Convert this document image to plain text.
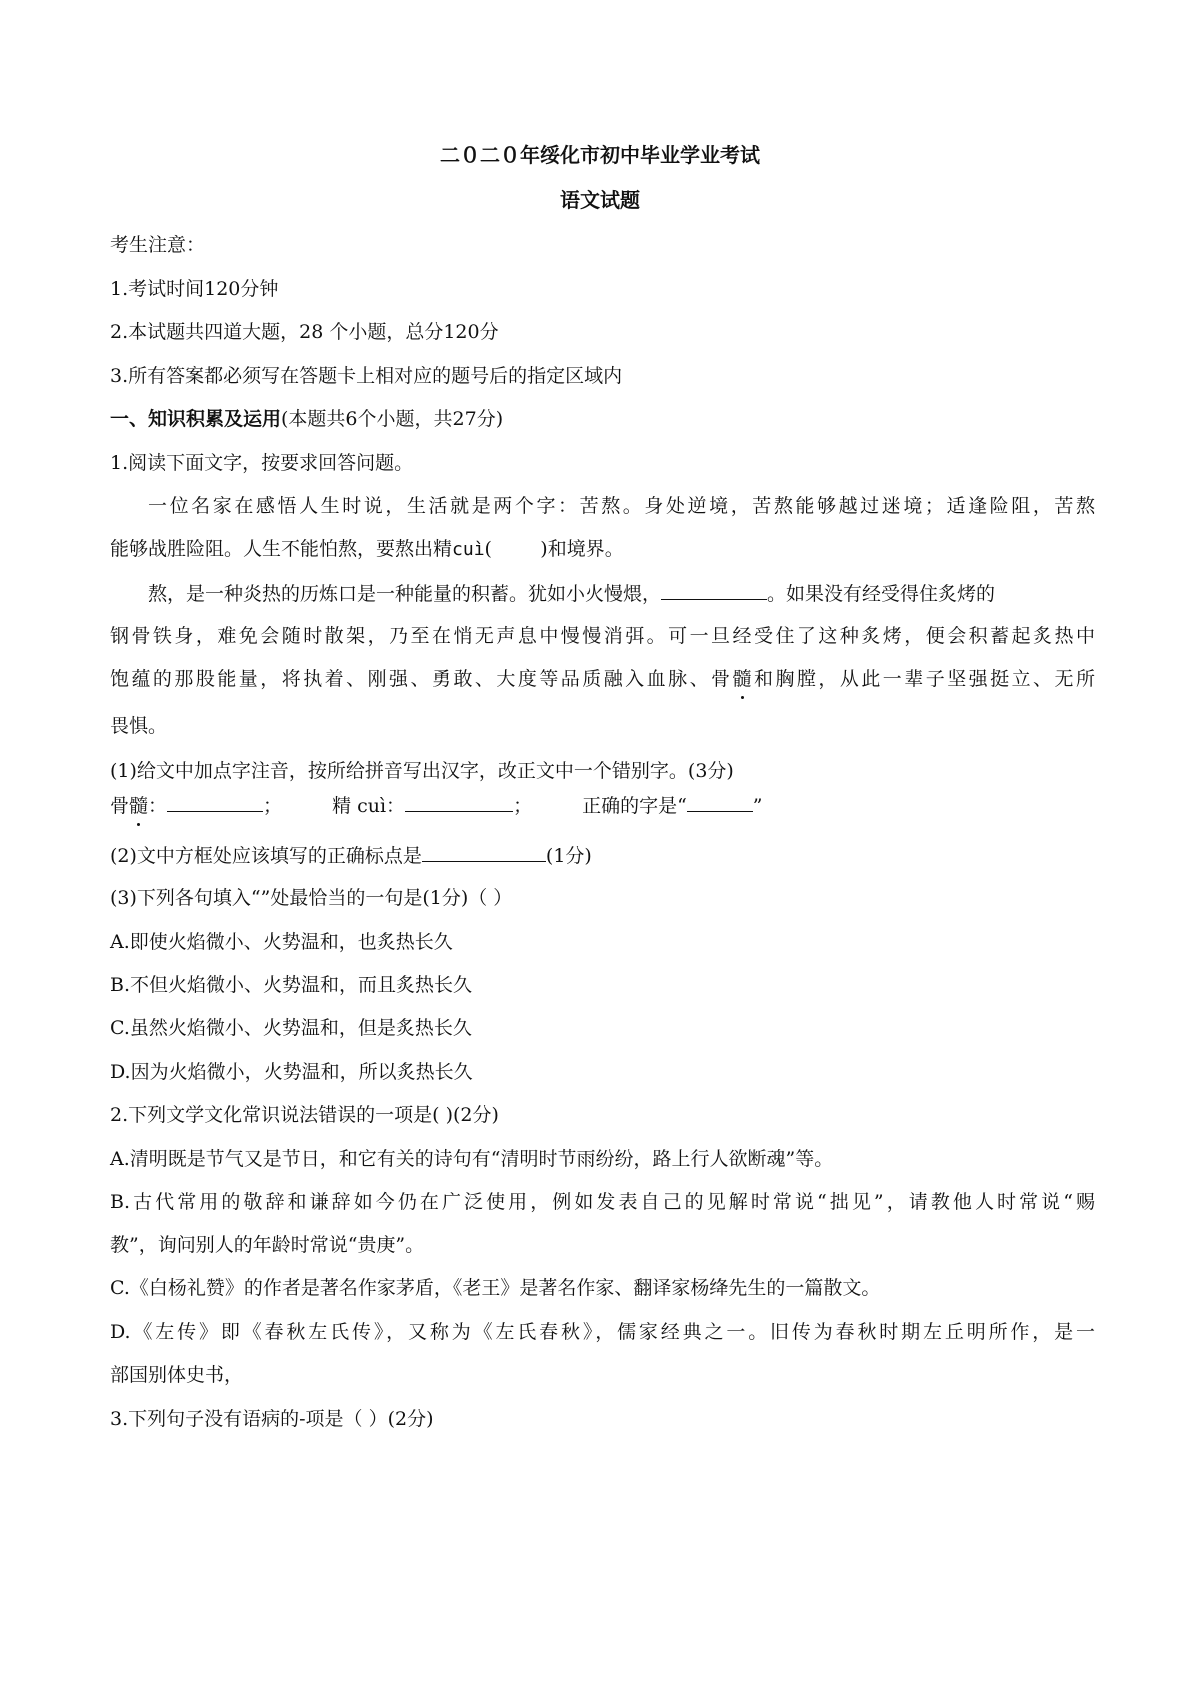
二０二０年绥化市初中毕业学业考试
语文试题
考生注意：
1.考试时间120分钟
2.本试题共四道大题，28 个小题，总分120分
3.所有答案都必须写在答题卡上相对应的题号后的指定区域内
一、知识积累及运用(本题共6个小题，共27分)
1.阅读下面文字，按要求回答问题。
一位名家在感悟人生时说，生活就是两个字：苦熬。身处逆境，苦熬能够越过迷境；适逢险阻，苦熬
能够战胜险阻。人生不能怕熬，要熬出精cuì(        )和境界。
熬，是一种炎热的历炼口是一种能量的积蓄。犹如小火慢煨，	。如果没有经受得住炙烤的
钢骨铁身，难免会随时散架，乃至在悄无声息中慢慢消弭。可一旦经受住了这种炙烤，便会积蓄起炙热中
饱蕴的那股能量，将执着、刚强、勇敢、大度等品质融入血脉、骨髓和胸膛，从此一辈子坚强挺立、无所
畏惧。
(1)给文中加点字注音，按所给拼音写出汉字，改正文中一个错别字。(3分)
骨髓：	；	精 cuì：	；	正确的字是“	”
(2)文中方框处应该填写的正确标点是	(1分)
(3)下列各句填入“”处最恰当的一句是(1分)（ ）
A.即使火焰微小、火势温和，也炙热长久
B.不但火焰微小、火势温和，而且炙热长久
C.虽然火焰微小、火势温和，但是炙热长久
D.因为火焰微小，火势温和，所以炙热长久
2.下列文学文化常识说法错误的一项是( )(2分)
A.清明既是节气又是节日，和它有关的诗句有“清明时节雨纷纷，路上行人欲断魂”等。
B.古代常用的敬辞和谦辞如今仍在广泛使用，例如发表自己的见解时常说“拙见”，请教他人时常说“赐
教”，询问别人的年龄时常说“贵庚”。
C.《白杨礼赞》的作者是著名作家茅盾，《老王》是著名作家、翻译家杨绛先生的一篇散文。
D.《左传》即《春秋左氏传》，又称为《左氏春秋》，儒家经典之一。旧传为春秋时期左丘明所作，是一
部国别体史书，
3.下列句子没有语病的-项是（ ）(2分)
